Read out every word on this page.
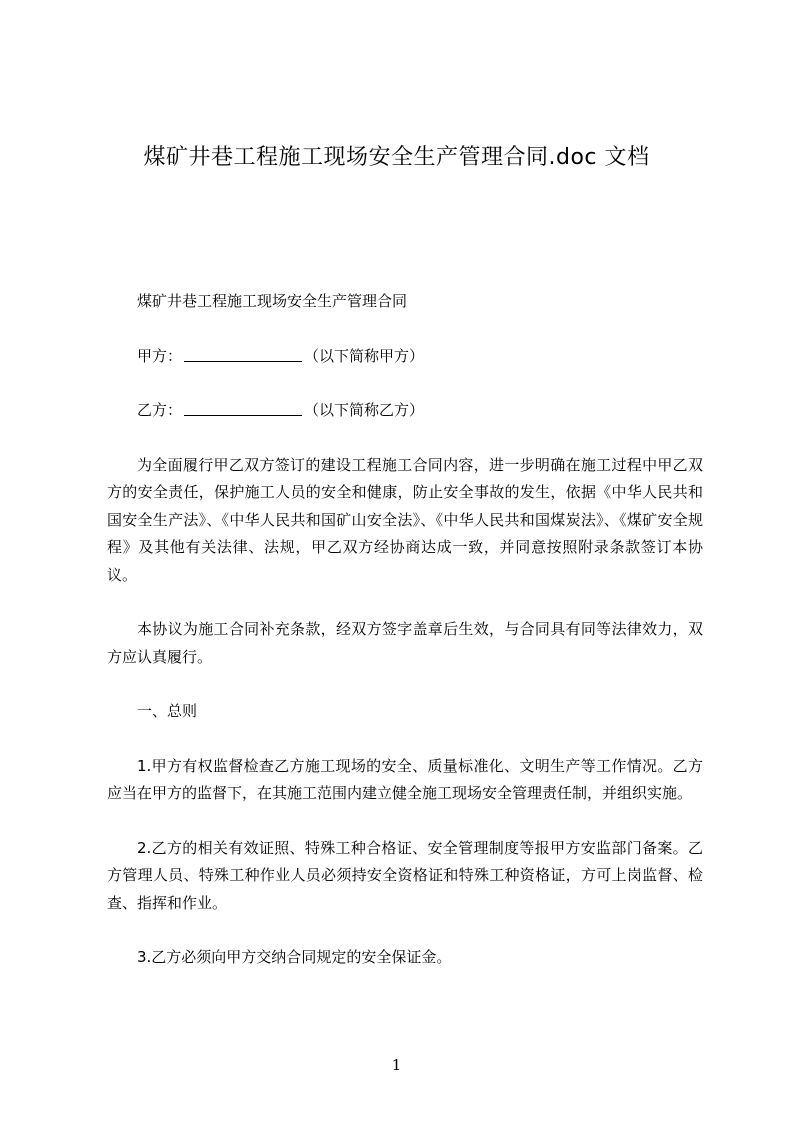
煤矿井巷工程施工现场安全生产管理合同.doc 文档

煤矿井巷工程施工现场安全生产管理合同

甲方：	（以下简称甲方）

乙方：	（以下简称乙方）

为全面履行甲乙双方签订的建设工程施工合同内容，进一步明确在施工过程中甲乙双方的安全责任，保护施工人员的安全和健康，防止安全事故的发生，依据《中华人民共和国安全生产法》、《中华人民共和国矿山安全法》、《中华人民共和国煤炭法》、《煤矿安全规程》及其他有关法律、法规，甲乙双方经协商达成一致，并同意按照附录条款签订本协议。

本协议为施工合同补充条款，经双方签字盖章后生效，与合同具有同等法律效力，双方应认真履行。

一、总则

1.甲方有权监督检查乙方施工现场的安全、质量标准化、文明生产等工作情况。乙方应当在甲方的监督下，在其施工范围内建立健全施工现场安全管理责任制，并组织实施。

2.乙方的相关有效证照、特殊工种合格证、安全管理制度等报甲方安监部门备案。乙方管理人员、特殊工种作业人员必须持安全资格证和特殊工种资格证，方可上岗监督、检查、指挥和作业。

3.乙方必须向甲方交纳合同规定的安全保证金。

1
